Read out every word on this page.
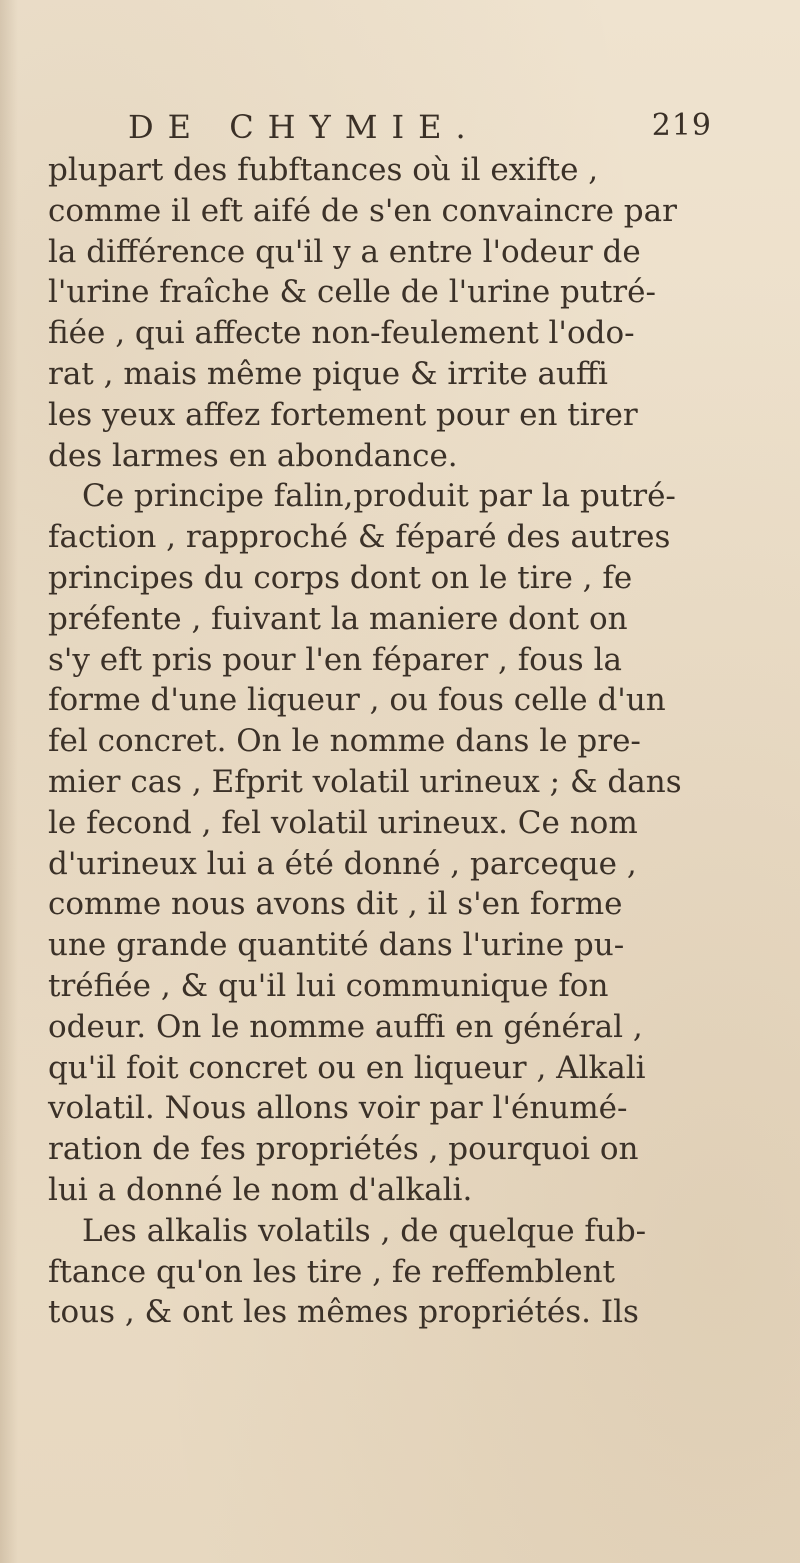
DE CHYMIE.	219
plupart des fubftances où il exifte ,
comme il eft aifé de s'en convaincre par
la différence qu'il y a entre l'odeur de
l'urine fraîche & celle de l'urine putré-
fiée , qui affecte non-feulement l'odo-
rat , mais même pique & irrite auffi
les yeux affez fortement pour en tirer
des larmes en abondance.
Ce principe falin,produit par la putré-
faction , rapproché & féparé des autres
principes du corps dont on le tire , fe
préfente , fuivant la maniere dont on
s'y eft pris pour l'en féparer , fous la
forme d'une liqueur , ou fous celle d'un
fel concret. On le nomme dans le pre-
mier cas , Efprit volatil urineux ; & dans
le fecond , fel volatil urineux. Ce nom
d'urineux lui a été donné , parceque ,
comme nous avons dit , il s'en forme
une grande quantité dans l'urine pu-
tréfiée , & qu'il lui communique fon
odeur. On le nomme auffi en général ,
qu'il foit concret ou en liqueur , Alkali
volatil. Nous allons voir par l'énumé-
ration de fes propriétés , pourquoi on
lui a donné le nom d'alkali.
Les alkalis volatils , de quelque fub-
ftance qu'on les tire , fe reffemblent
tous , & ont les mêmes propriétés. Ils
